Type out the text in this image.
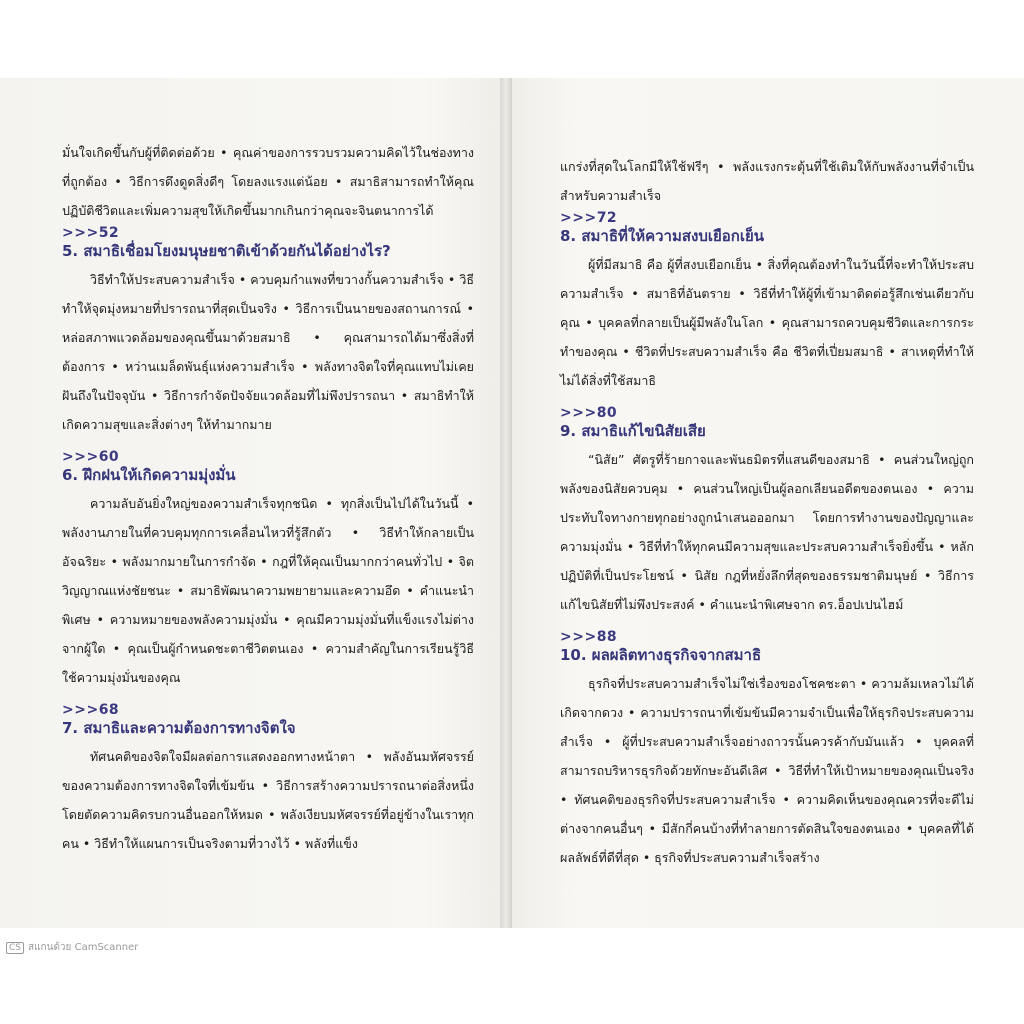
มั่นใจเกิดขึ้นกับผู้ที่ติดต่อด้วย • คุณค่าของการรวบรวมความคิดไว้ในช่องทางที่ถูกต้อง • วิธีการดึงดูดสิ่งดีๆ โดยลงแรงแต่น้อย • สมาธิสามารถทำให้คุณปฏิบัติชีวิตและเพิ่มความสุขให้เกิดขึ้นมากเกินกว่าคุณจะจินตนาการได้

>>>52
5. สมาธิเชื่อมโยงมนุษยชาติเข้าด้วยกันได้อย่างไร?

วิธีทำให้ประสบความสำเร็จ • ควบคุมกำแพงที่ขวางกั้นความสำเร็จ • วิธีทำให้จุดมุ่งหมายที่ปรารถนาที่สุดเป็นจริง • วิธีการเป็นนายของสถานการณ์ • หล่อสภาพแวดล้อมของคุณขึ้นมาด้วยสมาธิ • คุณสามารถได้มาซึ่งสิ่งที่ต้องการ • หว่านเมล็ดพันธุ์แห่งความสำเร็จ • พลังทางจิตใจที่คุณแทบไม่เคยฝันถึงในปัจจุบัน • วิธีการกำจัดปัจจัยแวดล้อมที่ไม่พึงปรารถนา • สมาธิทำให้เกิดความสุขและสิ่งต่างๆ ให้ทำมากมาย

>>>60
6. ฝึกฝนให้เกิดความมุ่งมั่น

ความลับอันยิ่งใหญ่ของความสำเร็จทุกชนิด • ทุกสิ่งเป็นไปได้ในวันนี้ • พลังงานภายในที่ควบคุมทุกการเคลื่อนไหวที่รู้สึกตัว • วิธีทำให้กลายเป็นอัจฉริยะ • พลังมากมายในการกำจัด • กฎที่ให้คุณเป็นมากกว่าคนทั่วไป • จิตวิญญาณแห่งชัยชนะ • สมาธิพัฒนาความพยายามและความอึด • คำแนะนำพิเศษ • ความหมายของพลังความมุ่งมั่น • คุณมีความมุ่งมั่นที่แข็งแรงไม่ต่างจากผู้ใด • คุณเป็นผู้กำหนดชะตาชีวิตตนเอง • ความสำคัญในการเรียนรู้วิธีใช้ความมุ่งมั่นของคุณ

>>>68
7. สมาธิและความต้องการทางจิตใจ

ทัศนคติของจิตใจมีผลต่อการแสดงออกทางหน้าตา • พลังอันมหัศจรรย์ของความต้องการทางจิตใจที่เข้มข้น • วิธีการสร้างความปรารถนาต่อสิ่งหนึ่งโดยตัดความคิดรบกวนอื่นออกให้หมด • พลังเงียบมหัศจรรย์ที่อยู่ข้างในเราทุกคน • วิธีทำให้แผนการเป็นจริงตามที่วางไว้ • พลังที่แข็ง

แกร่งที่สุดในโลกมีให้ใช้ฟรีๆ • พลังแรงกระตุ้นที่ใช้เติมให้กับพลังงานที่จำเป็นสำหรับความสำเร็จ

>>>72
8. สมาธิที่ให้ความสงบเยือกเย็น

ผู้ที่มีสมาธิ คือ ผู้ที่สงบเยือกเย็น • สิ่งที่คุณต้องทำในวันนี้ที่จะทำให้ประสบความสำเร็จ • สมาธิที่อันตราย • วิธีที่ทำให้ผู้ที่เข้ามาติดต่อรู้สึกเช่นเดียวกับคุณ • บุคคลที่กลายเป็นผู้มีพลังในโลก • คุณสามารถควบคุมชีวิตและการกระทำของคุณ • ชีวิตที่ประสบความสำเร็จ คือ ชีวิตที่เปี่ยมสมาธิ • สาเหตุที่ทำให้ไม่ได้สิ่งที่ใช้สมาธิ

>>>80
9. สมาธิแก้ไขนิสัยเสีย

“นิสัย” ศัตรูที่ร้ายกาจและพันธมิตรที่แสนดีของสมาธิ • คนส่วนใหญ่ถูกพลังของนิสัยควบคุม • คนส่วนใหญ่เป็นผู้ลอกเลียนอดีตของตนเอง • ความประทับใจทางกายทุกอย่างถูกนำเสนอออกมา โดยการทำงานของปัญญาและความมุ่งมั่น • วิธีที่ทำให้ทุกคนมีความสุขและประสบความสำเร็จยิ่งขึ้น • หลักปฏิบัติที่เป็นประโยชน์ • นิสัย กฎที่หยั่งลึกที่สุดของธรรมชาติมนุษย์ • วิธีการแก้ไขนิสัยที่ไม่พึงประสงค์ • คำแนะนำพิเศษจาก ดร.อ็อปเปนไฮม์

>>>88
10. ผลผลิตทางธุรกิจจากสมาธิ

ธุรกิจที่ประสบความสำเร็จไม่ใช่เรื่องของโชคชะตา • ความล้มเหลวไม่ได้เกิดจากดวง • ความปรารถนาที่เข้มข้นมีความจำเป็นเพื่อให้ธุรกิจประสบความสำเร็จ • ผู้ที่ประสบความสำเร็จอย่างถาวรนั้นควรค้ากับมันแล้ว • บุคคลที่สามารถบริหารธุรกิจด้วยทักษะอันดีเลิศ • วิธีที่ทำให้เป้าหมายของคุณเป็นจริง • ทัศนคติของธุรกิจที่ประสบความสำเร็จ • ความคิดเห็นของคุณควรที่จะดีไม่ต่างจากคนอื่นๆ • มีสักกี่คนบ้างที่ทำลายการตัดสินใจของตนเอง • บุคคลที่ได้ผลลัพธ์ที่ดีที่สุด • ธุรกิจที่ประสบความสำเร็จสร้าง

CS สแกนด้วย CamScanner
